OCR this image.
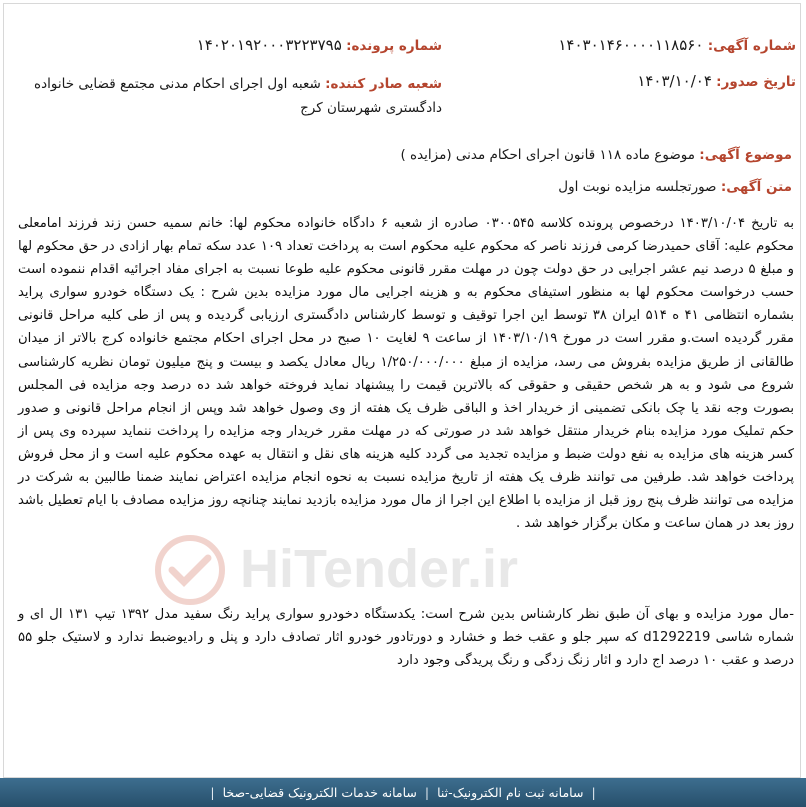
شماره آگهی: ۱۴۰۳۰۱۴۶۰۰۰۰۱۱۸۵۶۰
شماره پرونده: ۱۴۰۲۰۱۹۲۰۰۰۳۲۲۳۷۹۵
تاریخ صدور: ۱۴۰۳/۱۰/۰۴
شعبه صادر کننده: شعبه اول اجرای احکام مدنی مجتمع قضایی خانواده دادگستری شهرستان کرج
موضوع آگهی: موضوع ماده ۱۱۸ قانون اجرای احکام مدنی (مزایده )
متن آگهی: صورتجلسه مزایده نوبت اول
HiTender.ir

به تاریخ ۱۴۰۳/۱۰/۰۴ درخصوص پرونده کلاسه ۰۳۰۰۵۴۵ صادره از شعبه ۶ دادگاه خانواده محکوم لها: خانم سمیه حسن زند فرزند امامعلی محکوم علیه: آقای حمیدرضا کرمی فرزند ناصر که محکوم علیه محکوم است به پرداخت تعداد ۱۰۹ عدد سکه تمام بهار ازادی در حق محکوم لها و مبلغ ۵ درصد نیم عشر اجرایی در حق دولت چون در مهلت مقرر قانونی محکوم علیه طوعا نسبت به اجرای مفاد اجرائیه اقدام ننموده است حسب درخواست محکوم لها به منظور استیفای محکوم به و هزینه اجرایی مال مورد مزایده بدین شرح : یک دستگاه خودرو سواری پراید بشماره انتظامی ۴۱ ه ۵۱۴ ایران ۳۸ توسط این اجرا توقیف و توسط کارشناس دادگستری ارزیابی گردیده و پس از طی کلیه مراحل قانونی مقرر گردیده است.و مقرر است در مورخ ۱۴۰۳/۱۰/۱۹ از ساعت ۹ لغایت ۱۰ صبح در محل اجرای احکام مجتمع خانواده کرج بالاتر از میدان طالقانی از طریق مزایده بفروش می رسد، مزایده از مبلغ ۱/۲۵۰/۰۰۰/۰۰۰ ریال معادل یکصد و بیست و پنج میلیون تومان نظریه کارشناسی شروع می شود و به هر شخص حقیقی و حقوقی که بالاترین قیمت را پیشنهاد نماید فروخته خواهد شد ده درصد وجه مزایده فی المجلس بصورت وجه نقد یا چک بانکی تضمینی از خریدار اخذ و الباقی ظرف یک هفته از وی وصول خواهد شد وپس از انجام مراحل قانونی و صدور حکم تملیک مورد مزایده بنام خریدار منتقل خواهد شد در صورتی که در مهلت مقرر خریدار وجه مزایده را پرداخت ننماید سپرده وی پس از کسر هزینه های مزایده به نفع دولت ضبط و مزایده تجدید می گردد کلیه هزینه های نقل و انتقال به عهده محکوم علیه است و از محل فروش پرداخت خواهد شد. طرفین می توانند ظرف یک هفته از تاریخ مزایده نسبت به نحوه انجام مزایده اعتراض نمایند ضمنا طالبین به شرکت در مزایده می توانند ظرف پنج روز قبل از مزایده با اطلاع این اجرا از مال مورد مزایده بازدید نمایند چنانچه روز مزایده مصادف با ایام تعطیل باشد روز بعد در همان ساعت و مکان برگزار خواهد شد .

-مال مورد مزایده و بهای آن طبق نظر کارشناس بدین شرح است: یکدستگاه دخودرو سواری پراید رنگ سفید مدل ۱۳۹۲ تیپ ۱۳۱ ال ای و شماره شاسی d1292219 که سپر جلو و عقب خط و خشارد و دورتادور خودرو اثار تصادف دارد و پنل و رادیوضبط ندارد و لاستیک جلو ۵۵ درصد و عقب ۱۰ درصد اج دارد و اثار زنگ زدگی و رنگ پریدگی وجود دارد

|
سامانه ثبت نام الکترونیک-ثنا
|
سامانه خدمات الکترونیک قضایی-صخا
|
